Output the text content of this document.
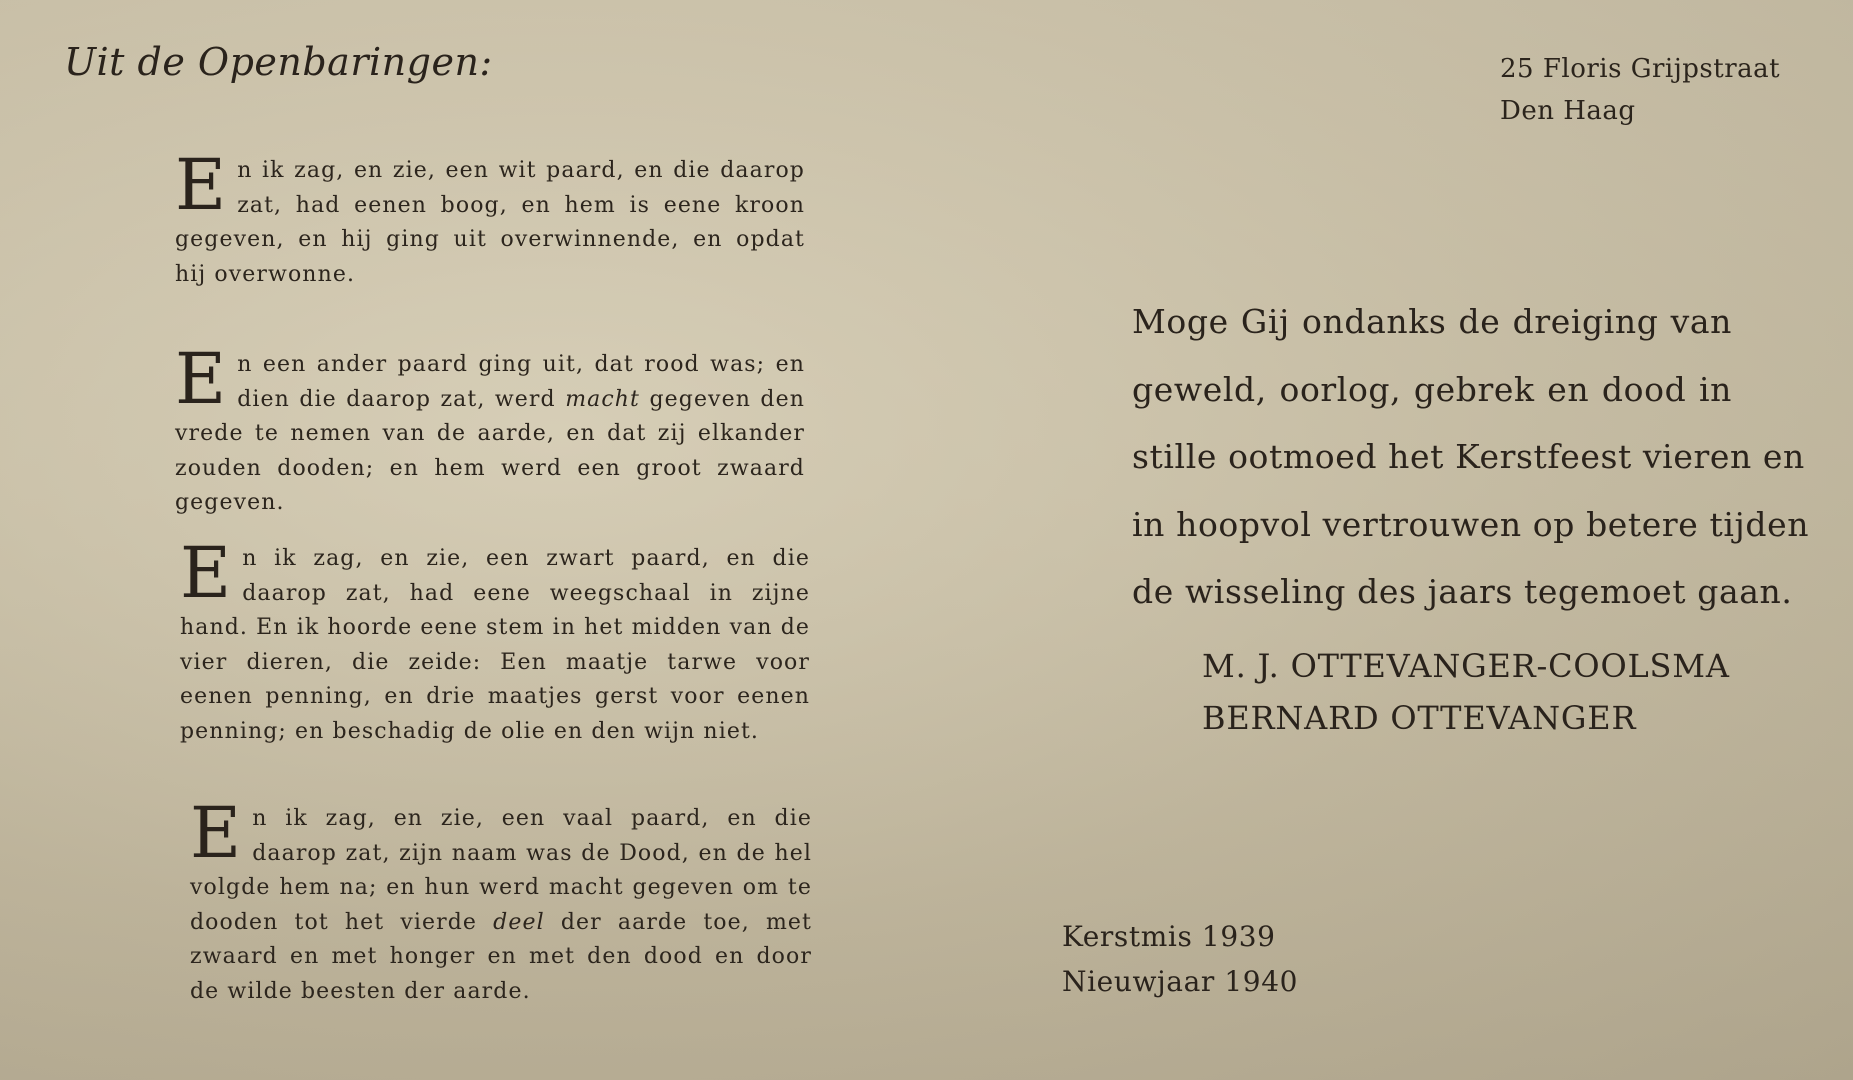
Uit de Openbaringen:	25 Floris Grijpstraat
Den Haag
En ik zag, en zie, een wit paard, en die daarop zat, had eenen boog, en hem is eene kroon gegeven, en hij ging uit overwinnende, en opdat hij overwonne.
En een ander paard ging uit, dat rood was; en dien die daarop zat, werd macht gegeven den vrede te nemen van de aarde, en dat zij elkander zouden dooden; en hem werd een groot zwaard gegeven.
En ik zag, en zie, een zwart paard, en die daarop zat, had eene weegschaal in zijne hand. En ik hoorde eene stem in het midden van de vier dieren, die zeide: Een maatje tarwe voor eenen penning, en drie maatjes gerst voor eenen penning; en beschadig de olie en den wijn niet.
En ik zag, en zie, een vaal paard, en die daarop zat, zijn naam was de Dood, en de hel volgde hem na; en hun werd macht gegeven om te dooden tot het vierde deel der aarde toe, met zwaard en met honger en met den dood en door de wilde beesten der aarde.
Moge Gij ondanks de dreiging van
geweld, oorlog, gebrek en dood in
stille ootmoed het Kerstfeest vieren en
in hoopvol vertrouwen op betere tijden
de wisseling des jaars tegemoet gaan.
M. J. OTTEVANGER-COOLSMA
BERNARD OTTEVANGER
Kerstmis 1939
Nieuwjaar 1940
